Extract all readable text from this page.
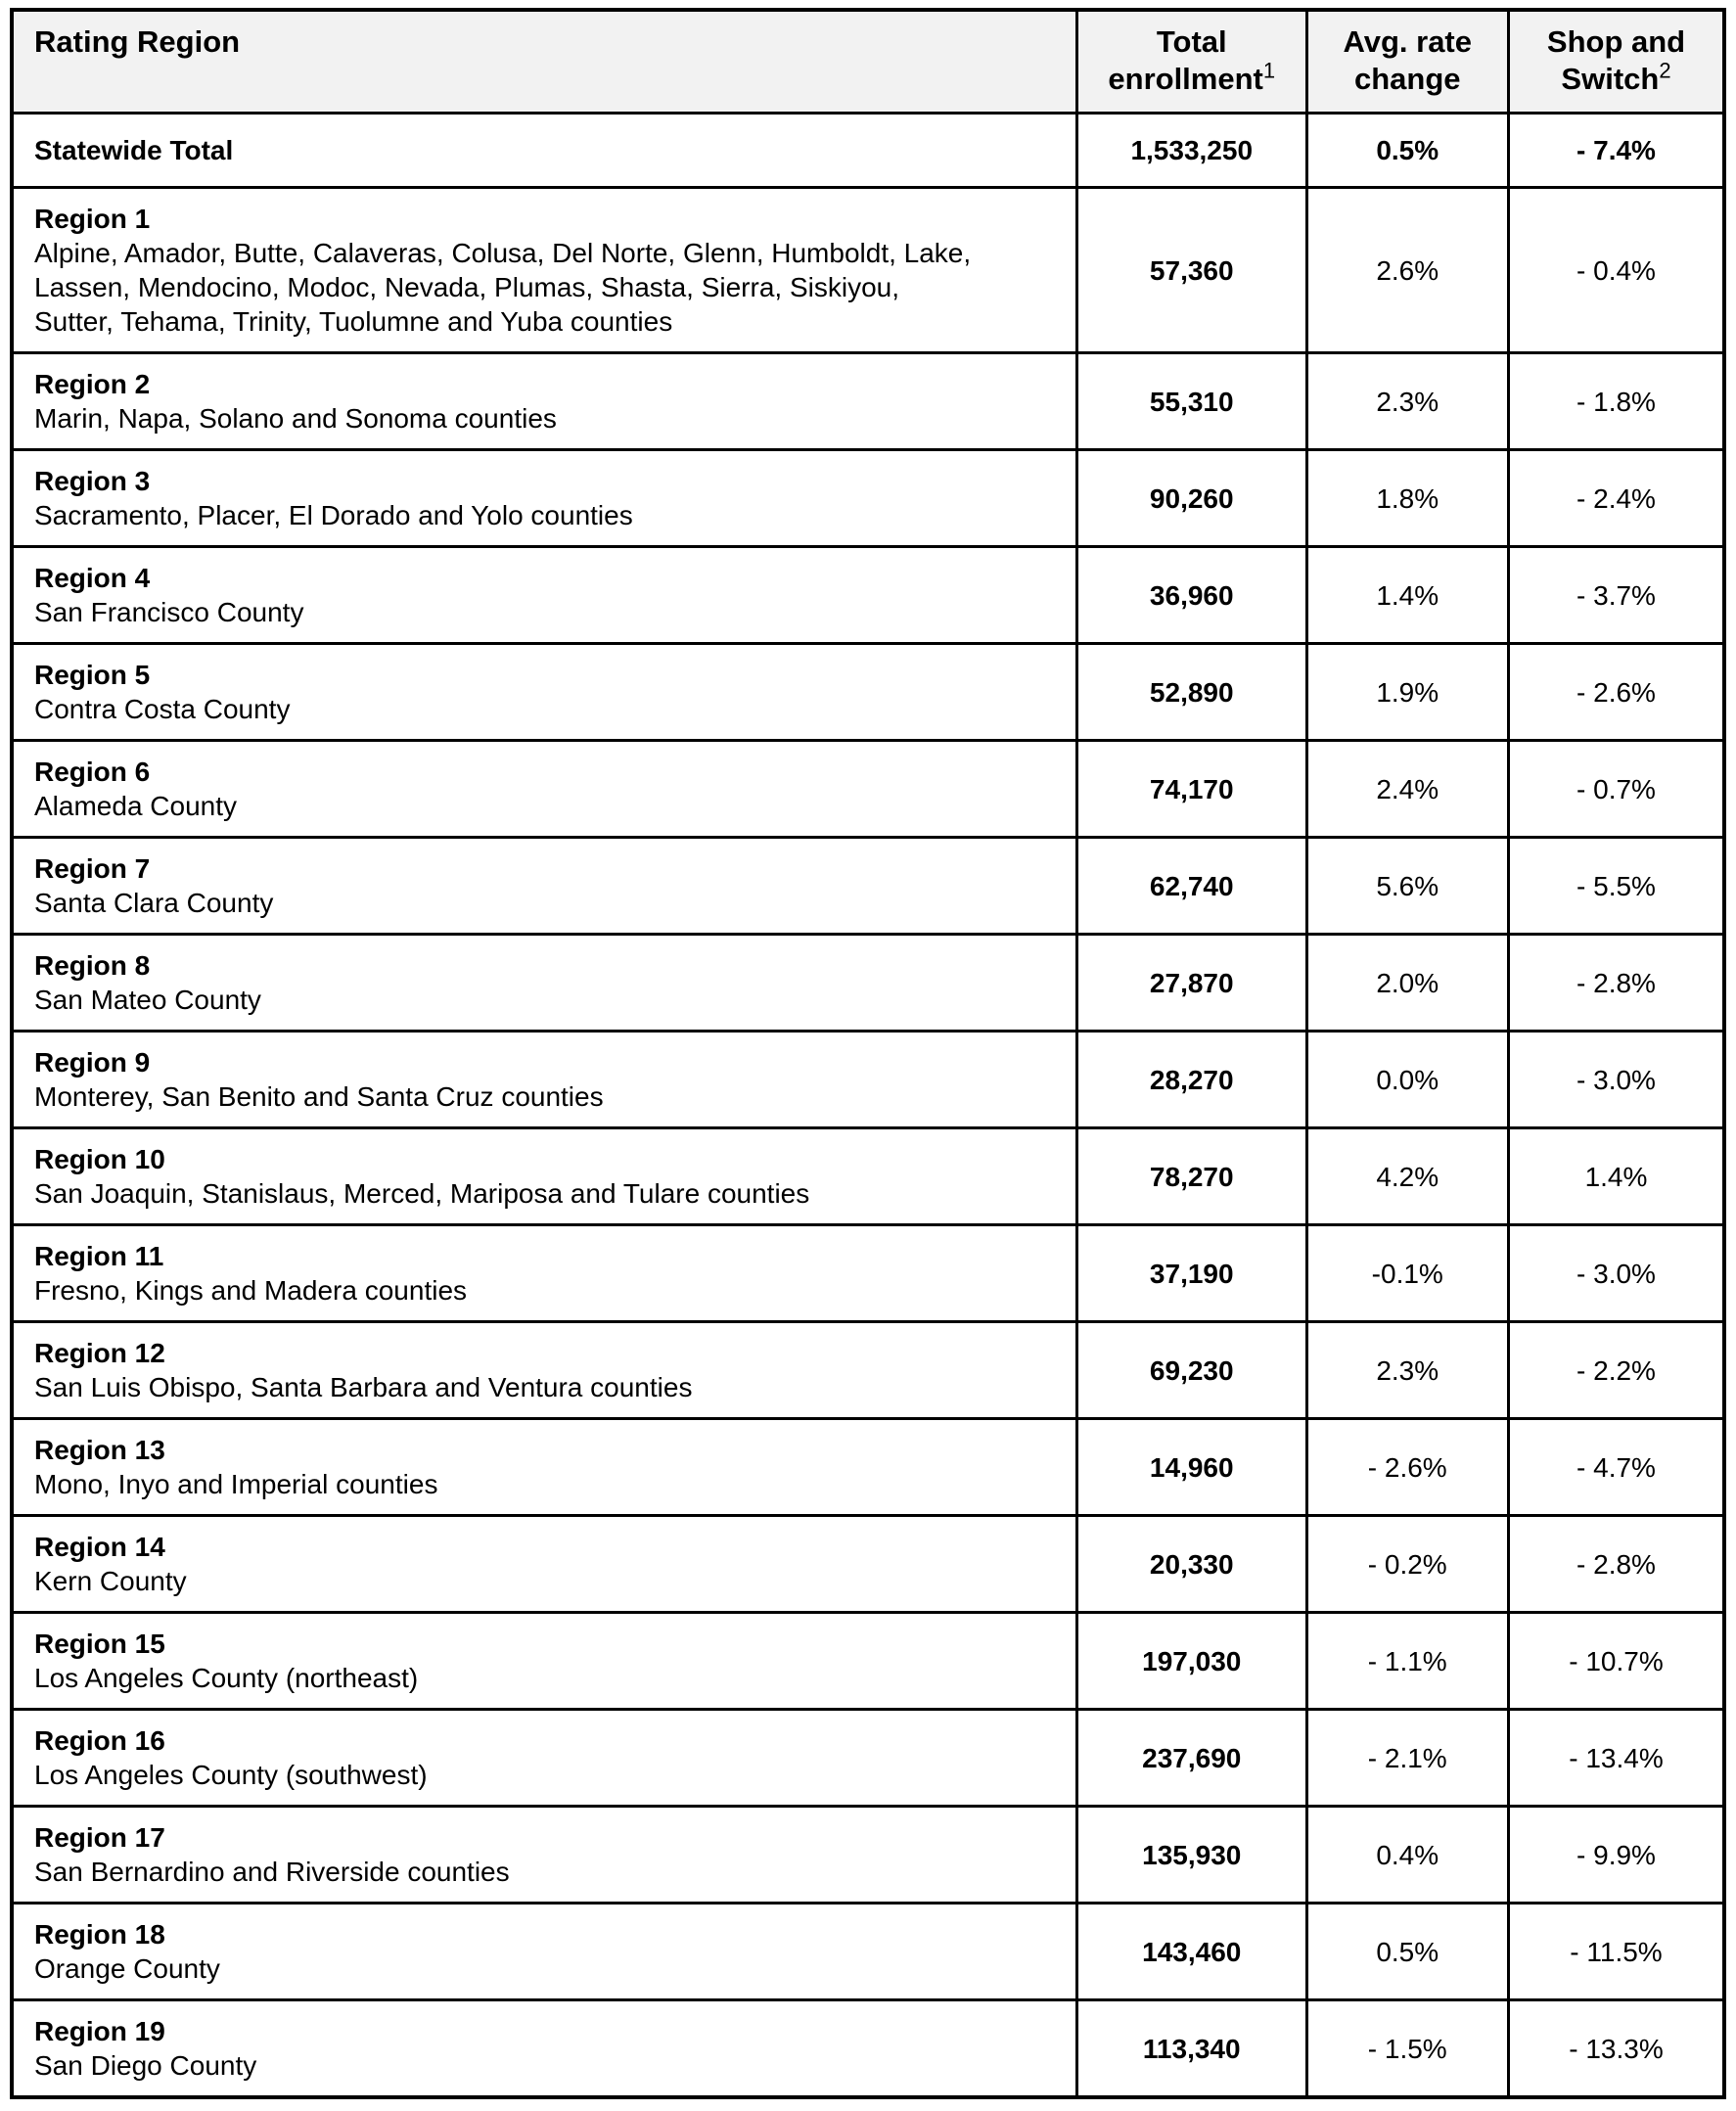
Rating Region	Total enrollment$^1$	Avg. rate change	Shop and Switch$^2$

Statewide Total	1,533,250	0.5%	- 7.4%

Region 1
Alpine, Amador, Butte, Calaveras, Colusa, Del Norte, Glenn, Humboldt, Lake, Lassen, Mendocino, Modoc, Nevada, Plumas, Shasta, Sierra, Siskiyou, Sutter, Tehama, Trinity, Tuolumne and Yuba counties	57,360	2.6%	- 0.4%

Region 2
Marin, Napa, Solano and Sonoma counties	55,310	2.3%	- 1.8%

Region 3
Sacramento, Placer, El Dorado and Yolo counties	90,260	1.8%	- 2.4%

Region 4
San Francisco County	36,960	1.4%	- 3.7%

Region 5
Contra Costa County	52,890	1.9%	- 2.6%

Region 6
Alameda County	74,170	2.4%	- 0.7%

Region 7
Santa Clara County	62,740	5.6%	- 5.5%

Region 8
San Mateo County	27,870	2.0%	- 2.8%

Region 9
Monterey, San Benito and Santa Cruz counties	28,270	0.0%	- 3.0%

Region 10
San Joaquin, Stanislaus, Merced, Mariposa and Tulare counties	78,270	4.2%	1.4%

Region 11
Fresno, Kings and Madera counties	37,190	-0.1%	- 3.0%

Region 12
San Luis Obispo, Santa Barbara and Ventura counties	69,230	2.3%	- 2.2%

Region 13
Mono, Inyo and Imperial counties	14,960	- 2.6%	- 4.7%

Region 14
Kern County	20,330	- 0.2%	- 2.8%

Region 15
Los Angeles County (northeast)	197,030	- 1.1%	- 10.7%

Region 16
Los Angeles County (southwest)	237,690	- 2.1%	- 13.4%

Region 17
San Bernardino and Riverside counties	135,930	0.4%	- 9.9%

Region 18
Orange County	143,460	0.5%	- 11.5%

Region 19
San Diego County	113,340	- 1.5%	- 13.3%
